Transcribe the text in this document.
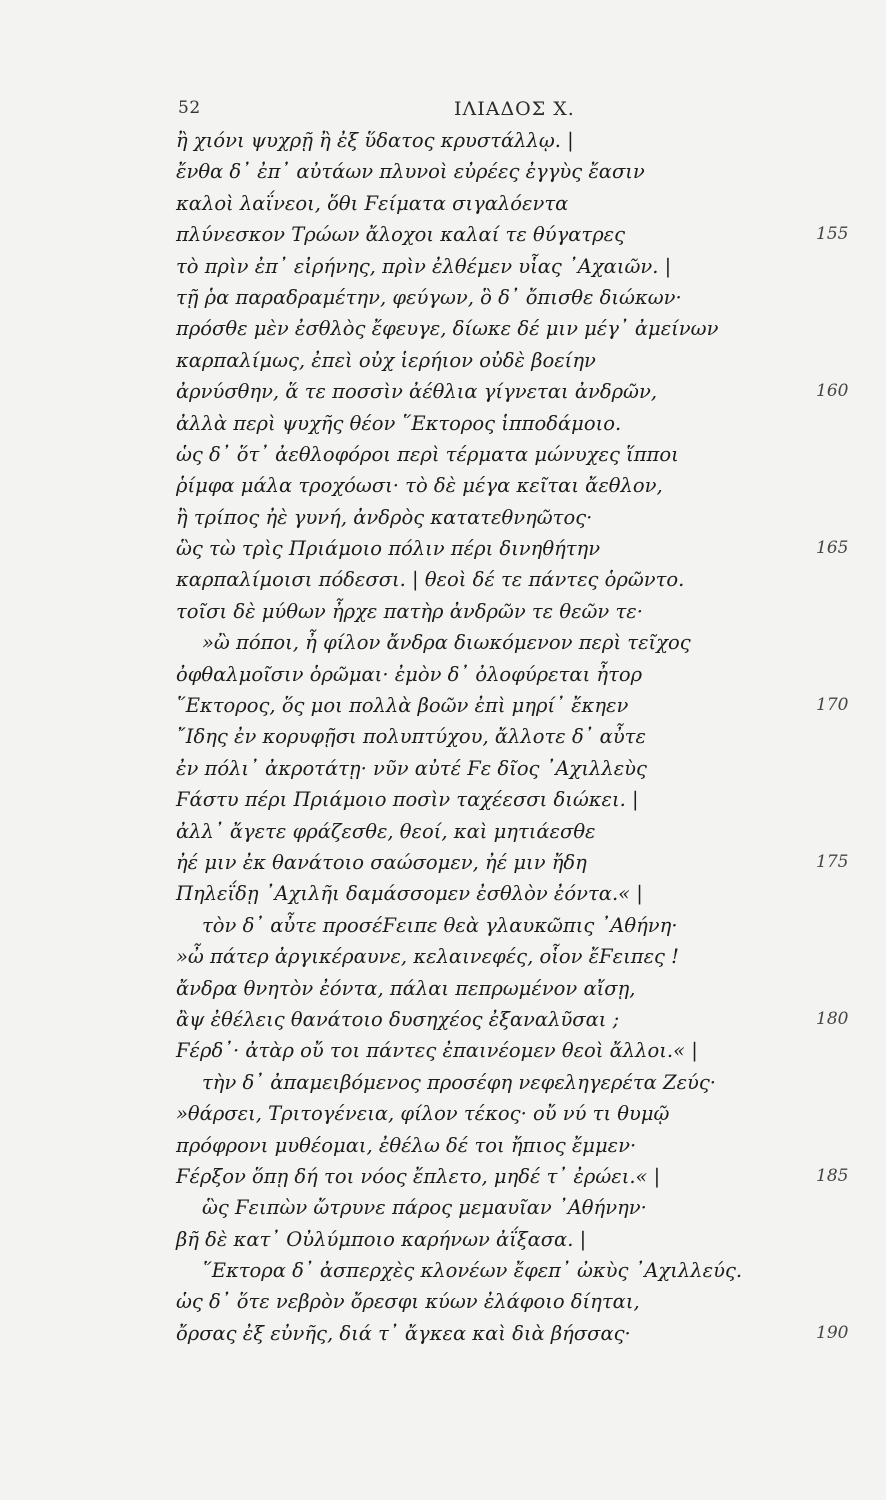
52	ΙΛΙΑΔΟΣ Χ.
ἢ χιόνι ψυχρῇ ἢ ἐξ ὕδατος κρυστάλλῳ. |
ἔνθα δ᾽ ἐπ᾽ αὐτάων πλυνοὶ εὐρέες ἐγγὺς ἔασιν
καλοὶ λαΐνεοι, ὅθι Ϝείματα σιγαλόεντα
πλύνεσκον Τρώων ἄλοχοι καλαί τε θύγατρες	155
τὸ πρὶν ἐπ᾽ εἰρήνης, πρὶν ἐλθέμεν υἷας ᾽Αχαιῶν. |
τῇ ῥα παραδραμέτην, φεύγων, ὃ δ᾽ ὄπισθε διώκων·
πρόσθε μὲν ἐσθλὸς ἔφευγε, δίωκε δέ μιν μέγ᾽ ἀμείνων
καρπαλίμως, ἐπεὶ οὐχ ἱερήιον οὐδὲ βοείην
ἀρνύσθην, ἅ τε ποσσὶν ἀέθλια γίγνεται ἀνδρῶν,	160
ἀλλὰ περὶ ψυχῆς θέον ῞Εκτορος ἱπποδάμοιο.
ὡς δ᾽ ὅτ᾽ ἀεθλοφόροι περὶ τέρματα μώνυχες ἵπποι
ῥίμφα μάλα τροχόωσι· τὸ δὲ μέγα κεῖται ἄεθλον,
ἢ τρίπος ἠὲ γυνή, ἀνδρὸς κατατεθνηῶτος·
ὣς τὼ τρὶς Πριάμοιο πόλιν πέρι δινηθήτην	165
καρπαλίμοισι πόδεσσι. | θεοὶ δέ τε πάντες ὁρῶντο.
τοῖσι δὲ μύθων ἦρχε πατὴρ ἀνδρῶν τε θεῶν τε·
»ὢ πόποι, ἦ φίλον ἄνδρα διωκόμενον περὶ τεῖχος
ὀφθαλμοῖσιν ὁρῶμαι· ἐμὸν δ᾽ ὀλοφύρεται ἦτορ
῞Εκτορος, ὅς μοι πολλὰ βοῶν ἐπὶ μηρί᾽ ἔκηεν	170
῎Ιδης ἐν κορυφῇσι πολυπτύχου, ἄλλοτε δ᾽ αὖτε
ἐν πόλι᾽ ἀκροτάτῃ· νῦν αὐτέ Ϝε δῖος ᾽Αχιλλεὺς
Ϝάστυ πέρι Πριάμοιο ποσὶν ταχέεσσι διώκει. |
ἀλλ᾽ ἄγετε φράζεσθε, θεοί, καὶ μητιάεσθε
ἠέ μιν ἐκ θανάτοιο σαώσομεν, ἠέ μιν ἤδη	175
Πηλεΐδῃ ᾽Αχιλῆι δαμάσσομεν ἐσθλὸν ἐόντα.« |
τὸν δ᾽ αὖτε προσέϜειπε θεὰ γλαυκῶπις ᾽Αθήνη·
»ὦ πάτερ ἀργικέραυνε, κελαινεφές, οἷον ἔϜειπες !
ἄνδρα θνητὸν ἐόντα, πάλαι πεπρωμένον αἴσῃ,
ἂψ ἐθέλεις θανάτοιο δυσηχέος ἐξαναλῦσαι ;	180
Ϝέρδ᾽· ἀτὰρ οὔ τοι πάντες ἐπαινέομεν θεοὶ ἄλλοι.« |
τὴν δ᾽ ἀπαμειβόμενος προσέφη νεφεληγερέτα Ζεύς·
»θάρσει, Τριτογένεια, φίλον τέκος· οὔ νύ τι θυμῷ
πρόφρονι μυθέομαι, ἐθέλω δέ τοι ἤπιος ἔμμεν·
Ϝέρξον ὅπῃ δή τοι νόος ἔπλετο, μηδέ τ᾽ ἐρώει.« |	185
ὣς Ϝειπὼν ὤτρυνε πάρος μεμαυῖαν ᾽Αθήνην·
βῆ δὲ κατ᾽ Οὐλύμποιο καρήνων ἀΐξασα. |
῞Εκτορα δ᾽ ἀσπερχὲς κλονέων ἔφεπ᾽ ὠκὺς ᾽Αχιλλεύς.
ὡς δ᾽ ὅτε νεβρὸν ὄρεσφι κύων ἐλάφοιο δίηται,
ὄρσας ἐξ εὐνῆς, διά τ᾽ ἄγκεα καὶ διὰ βήσσας·	190
